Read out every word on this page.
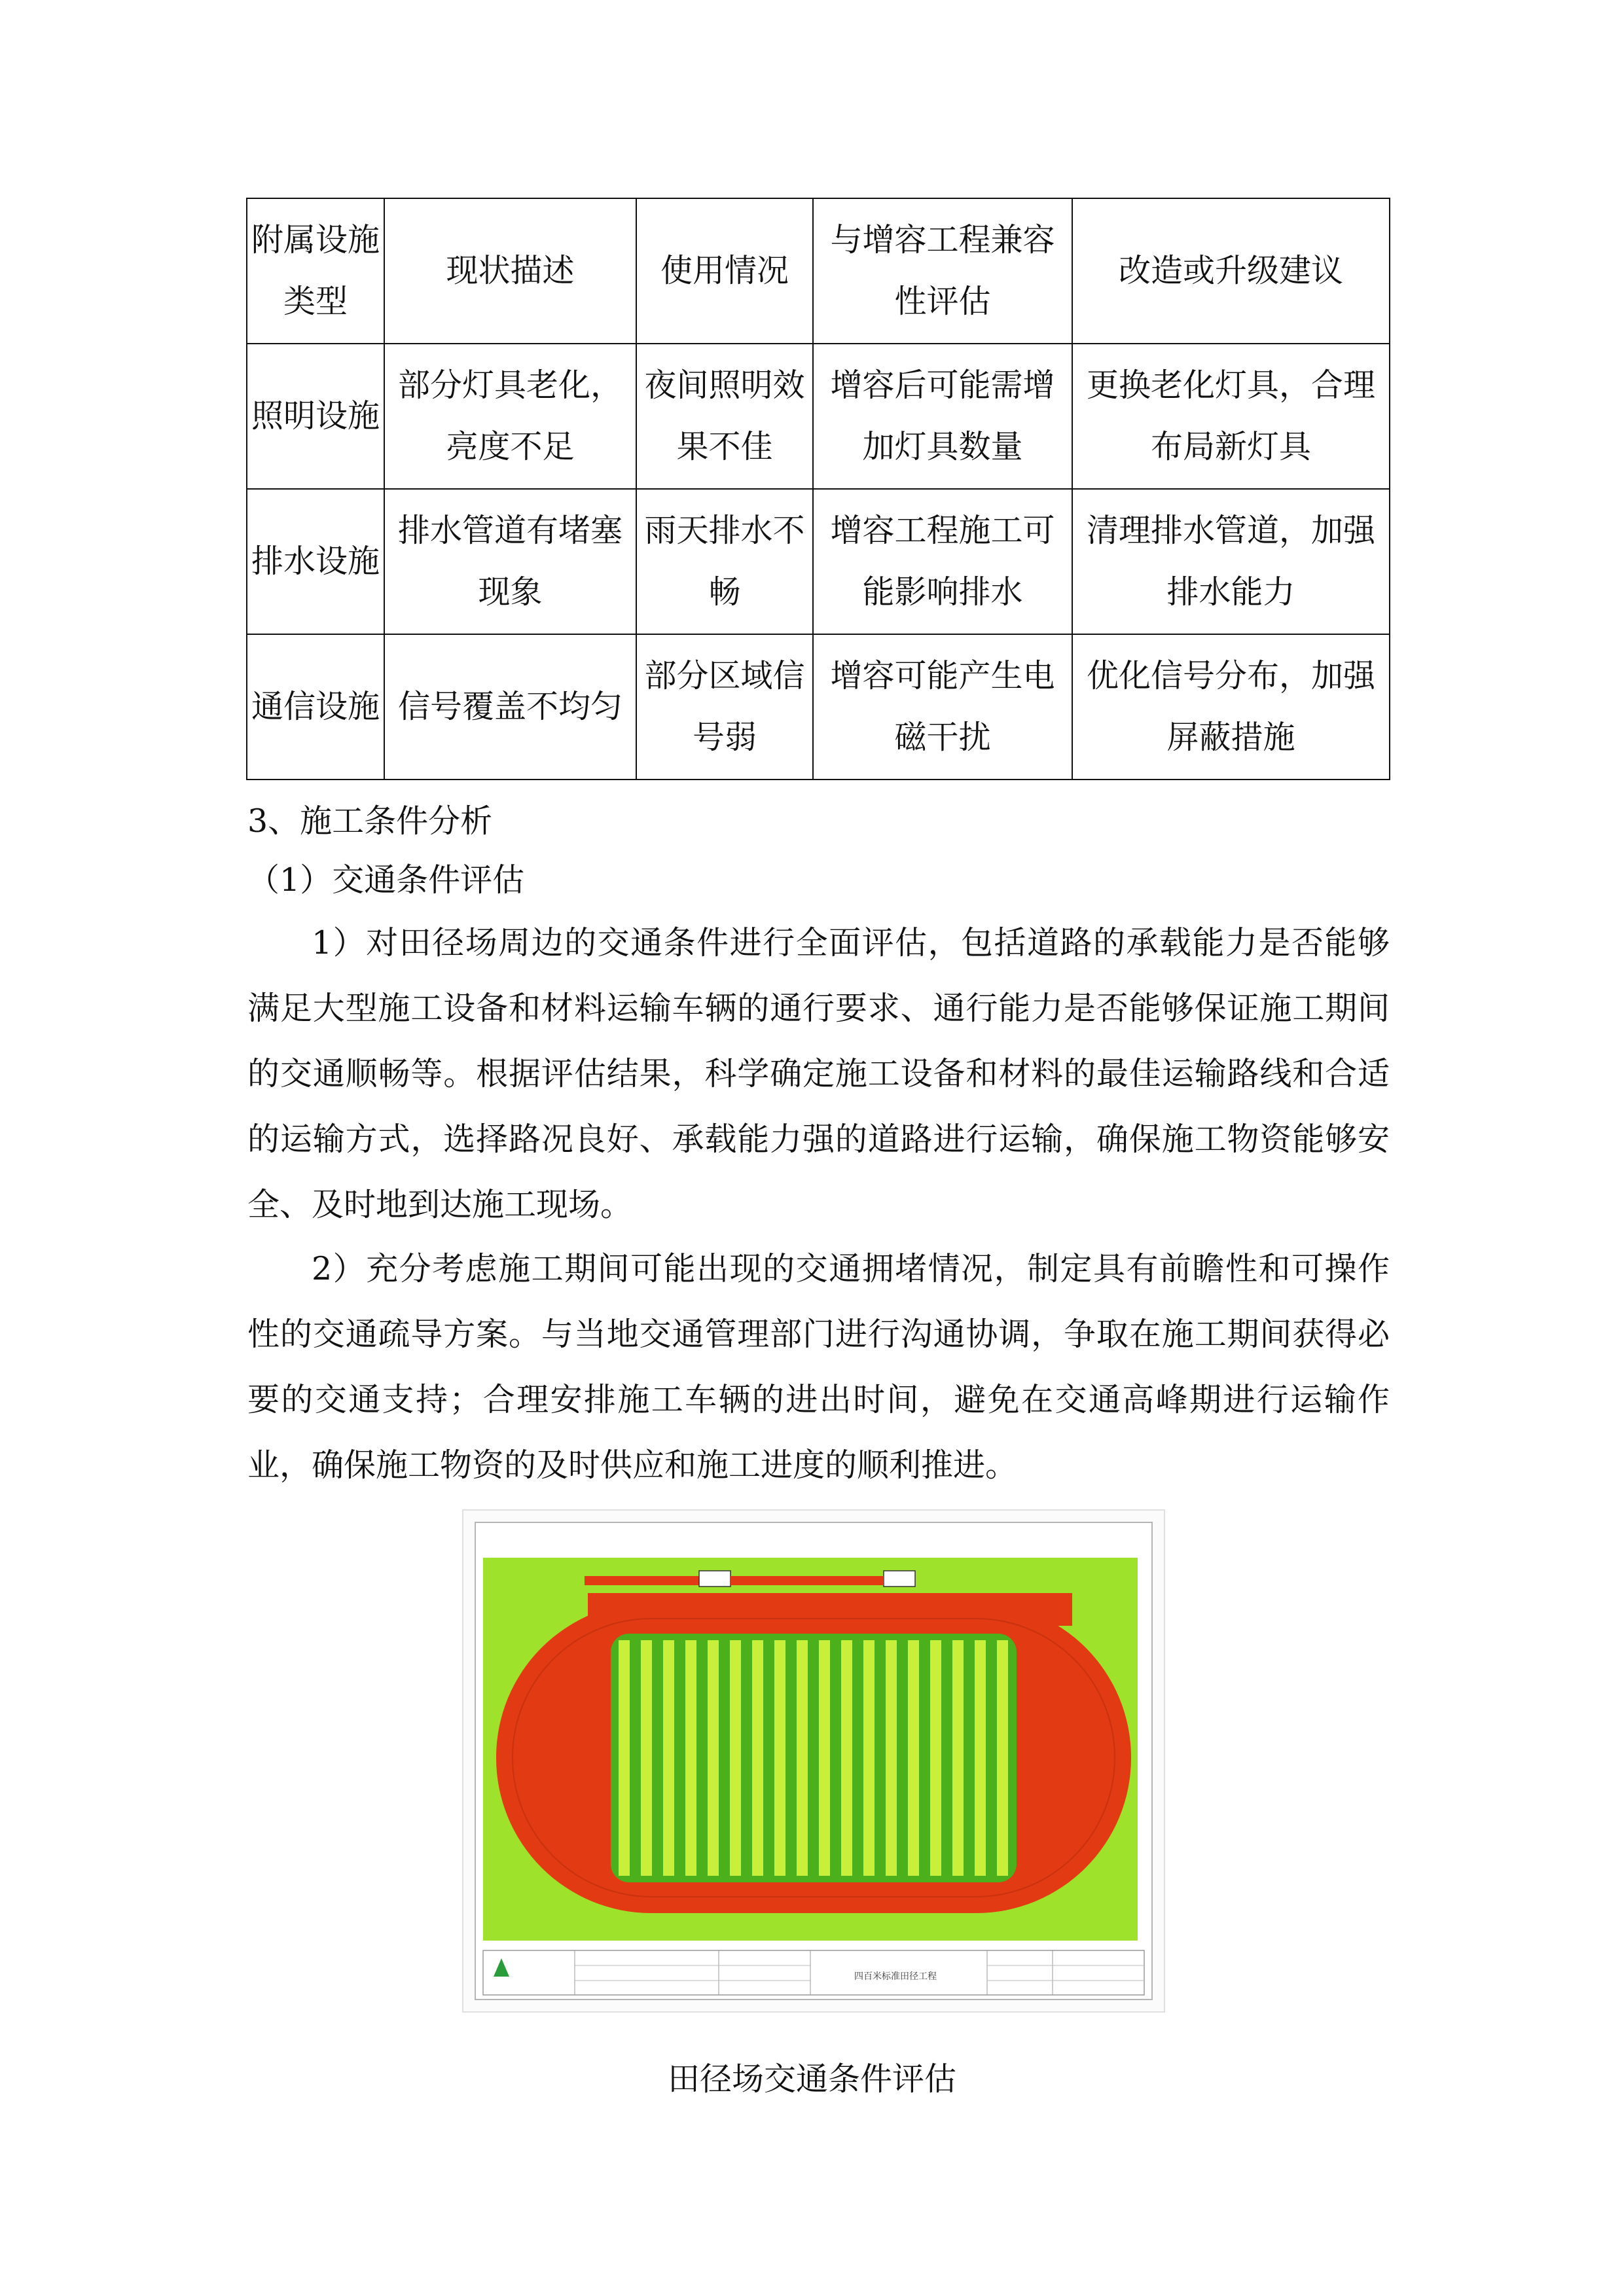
附属设施类型	现状描述	使用情况	与增容工程兼容性评估	改造或升级建议
照明设施	部分灯具老化，亮度不足	夜间照明效果不佳	增容后可能需增加灯具数量	更换老化灯具，合理布局新灯具
排水设施	排水管道有堵塞现象	雨天排水不畅	增容工程施工可能影响排水	清理排水管道，加强排水能力
通信设施	信号覆盖不均匀	部分区域信号弱	增容可能产生电磁干扰	优化信号分布，加强屏蔽措施

3、施工条件分析

（1）交通条件评估

1）对田径场周边的交通条件进行全面评估，包括道路的承载能力是否能够满足大型施工设备和材料运输车辆的通行要求、通行能力是否能够保证施工期间的交通顺畅等。根据评估结果，科学确定施工设备和材料的最佳运输路线和合适的运输方式，选择路况良好、承载能力强的道路进行运输，确保施工物资能够安全、及时地到达施工现场。

2）充分考虑施工期间可能出现的交通拥堵情况，制定具有前瞻性和可操作性的交通疏导方案。与当地交通管理部门进行沟通协调，争取在施工期间获得必要的交通支持；合理安排施工车辆的进出时间，避免在交通高峰期进行运输作业，确保施工物资的及时供应和施工进度的顺利推进。

四百米标准田径工程

田径场交通条件评估
